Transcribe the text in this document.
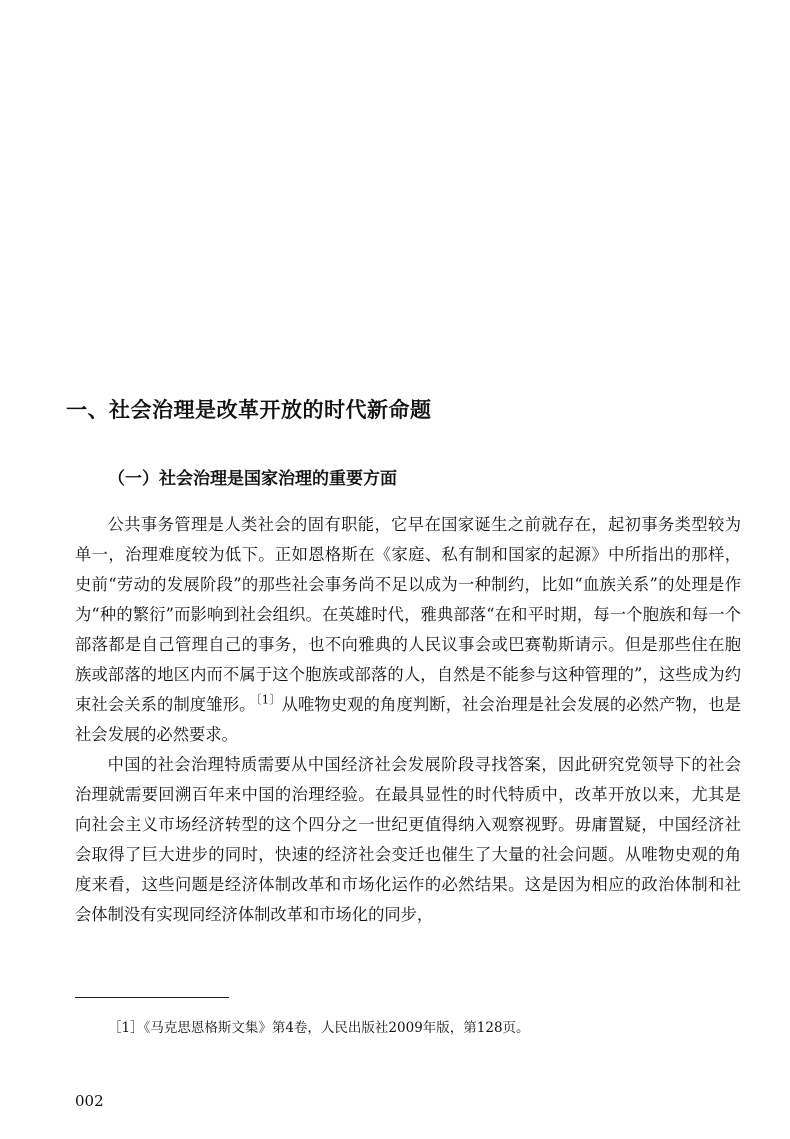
一、社会治理是改革开放的时代新命题
（一）社会治理是国家治理的重要方面

公共事务管理是人类社会的固有职能，它早在国家诞生之前就存在，起初事务类型较为单一，治理难度较为低下。正如恩格斯在《家庭、私有制和国家的起源》中所指出的那样，史前“劳动的发展阶段”的那些社会事务尚不足以成为一种制约，比如“血族关系”的处理是作为“种的繁衍”而影响到社会组织。在英雄时代，雅典部落“在和平时期，每一个胞族和每一个部落都是自己管理自己的事务，也不向雅典的人民议事会或巴赛勒斯请示。但是那些住在胞族或部落的地区内而不属于这个胞族或部落的人，自然是不能参与这种管理的”，这些成为约束社会关系的制度雏形。$^{〔1〕}$从唯物史观的角度判断，社会治理是社会发展的必然产物，也是社会发展的必然要求。

中国的社会治理特质需要从中国经济社会发展阶段寻找答案，因此研究党领导下的社会治理就需要回溯百年来中国的治理经验。在最具显性的时代特质中，改革开放以来，尤其是向社会主义市场经济转型的这个四分之一世纪更值得纳入观察视野。毋庸置疑，中国经济社会取得了巨大进步的同时，快速的经济社会变迁也催生了大量的社会问题。从唯物史观的角度来看，这些问题是经济体制改革和市场化运作的必然结果。这是因为相应的政治体制和社会体制没有实现同经济体制改革和市场化的同步，

［1］《马克思恩格斯文集》第4卷，人民出版社2009年版，第128页。

002
